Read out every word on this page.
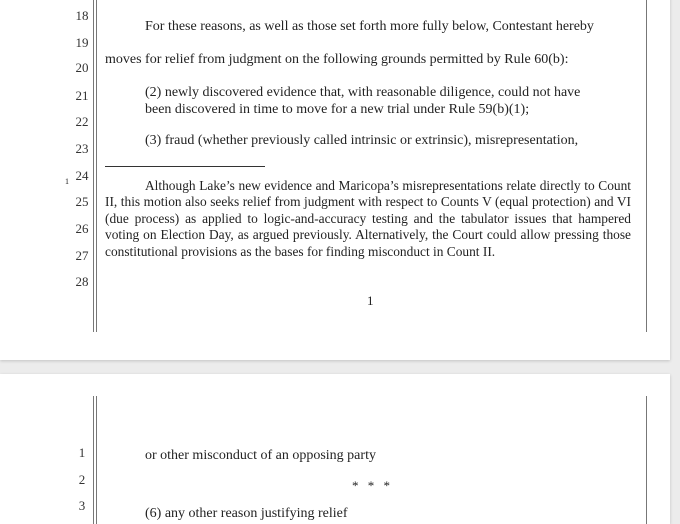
18
19
20
21
22
23
24
25
26
27
28
For these reasons, as well as those set forth more fully below, Contestant hereby
moves for relief from judgment on the following grounds permitted by Rule 60(b):
(2) newly discovered evidence that, with reasonable diligence, could not have
been discovered in time to move for a new trial under Rule 59(b)(1);
(3) fraud (whether previously called intrinsic or extrinsic), misrepresentation,
1	Although Lake’s new evidence and Maricopa’s misrepresentations relate directly to Count II, this motion also seeks relief from judgment with respect to Counts V (equal protection) and VI (due process) as applied to logic-and-accuracy testing and the tabulator issues that hampered voting on Election Day, as argued previously. Alternatively, the Court could allow pressing those constitutional provisions as the bases for finding misconduct in Count II.
1
1
2
3
or other misconduct of an opposing party
* * *
(6) any other reason justifying relief
